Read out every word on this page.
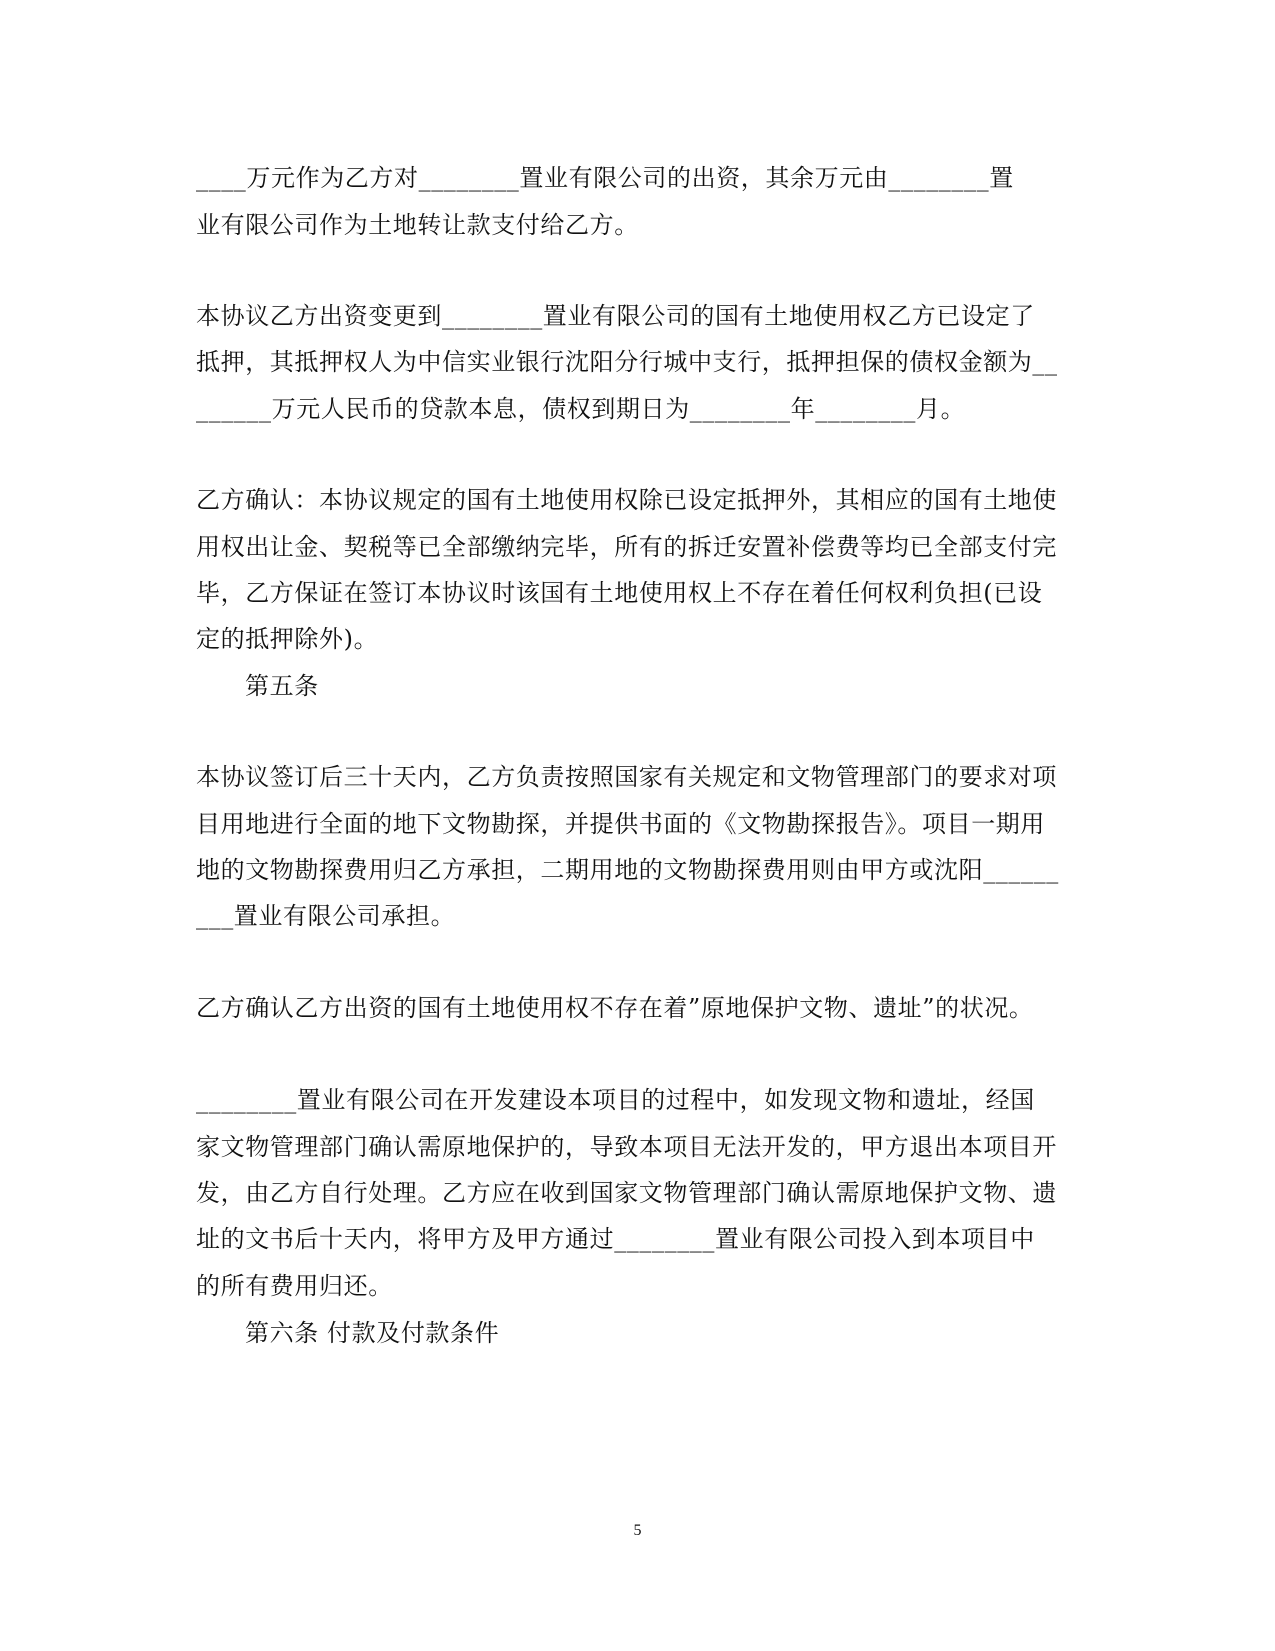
____万元作为乙方对________置业有限公司的出资，其余万元由________置
业有限公司作为土地转让款支付给乙方。
本协议乙方出资变更到________置业有限公司的国有土地使用权乙方已设定了
抵押，其抵押权人为中信实业银行沈阳分行城中支行，抵押担保的债权金额为__
______万元人民币的贷款本息，债权到期日为________年________月。
乙方确认：本协议规定的国有土地使用权除已设定抵押外，其相应的国有土地使
用权出让金、契税等已全部缴纳完毕，所有的拆迁安置补偿费等均已全部支付完
毕，乙方保证在签订本协议时该国有土地使用权上不存在着任何权利负担(已设
定的抵押除外)。
第五条
本协议签订后三十天内，乙方负责按照国家有关规定和文物管理部门的要求对项
目用地进行全面的地下文物勘探，并提供书面的《文物勘探报告》。项目一期用
地的文物勘探费用归乙方承担，二期用地的文物勘探费用则由甲方或沈阳______
___置业有限公司承担。
乙方确认乙方出资的国有土地使用权不存在着”原地保护文物、遗址”的状况。
________置业有限公司在开发建设本项目的过程中，如发现文物和遗址，经国
家文物管理部门确认需原地保护的，导致本项目无法开发的，甲方退出本项目开
发，由乙方自行处理。乙方应在收到国家文物管理部门确认需原地保护文物、遗
址的文书后十天内，将甲方及甲方通过________置业有限公司投入到本项目中
的所有费用归还。
第六条 付款及付款条件
5
